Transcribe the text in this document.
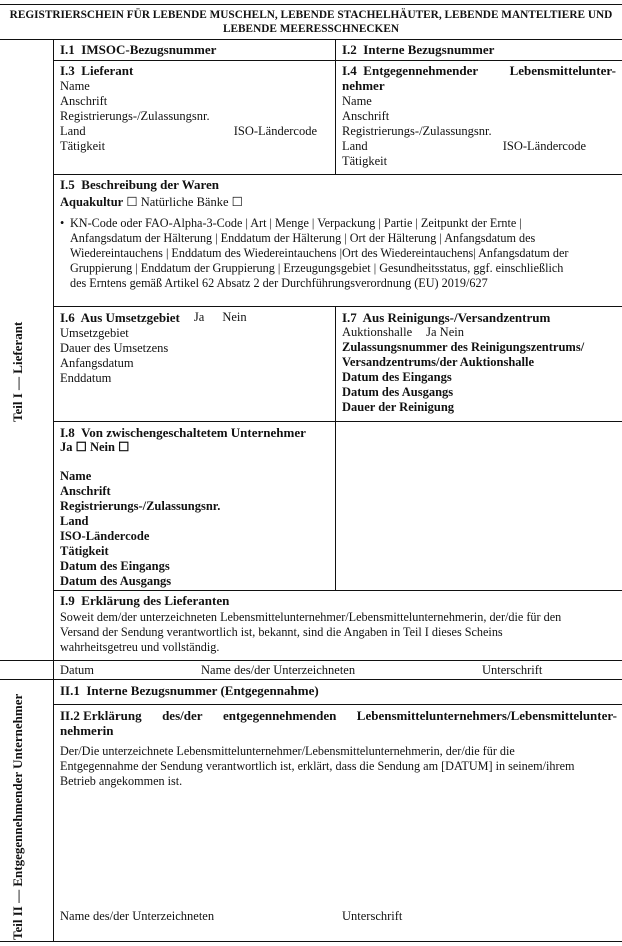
REGISTRIERSCHEIN FÜR LEBENDE MUSCHELN, LEBENDE STACHELHÄUTER, LEBENDE MANTELTIERE UND
LEBENDE MEERESSCHNECKEN
Teil I — Lieferant
Teil II — Entgegennehmender Unternehmer
I.1  IMSOC-Bezugsnummer	I.2  Interne Bezugsnummer
I.3  Lieferant
Name
Anschrift
Registrierungs-/Zulassungsnr.
Land	ISO-Ländercode
Tätigkeit
I.4  Entgegennehmender Lebensmittelunter-
nehmer
Name
Anschrift
Registrierungs-/Zulassungsnr.
Land	ISO-Ländercode
Tätigkeit
I.5  Beschreibung der Waren
Aquakultur ☐ Natürliche Bänke ☐
• KN-Code oder FAO-Alpha-3-Code | Art | Menge | Verpackung | Partie | Zeitpunkt der Ernte |
Anfangsdatum der Hälterung | Enddatum der Hälterung | Ort der Hälterung | Anfangsdatum des
Wiedereintauchens | Enddatum des Wiedereintauchens |Ort des Wiedereintauchens| Anfangsdatum der
Gruppierung | Enddatum der Gruppierung | Erzeugungsgebiet | Gesundheitsstatus, ggf. einschließlich
des Erntens gemäß Artikel 62 Absatz 2 der Durchführungsverordnung (EU) 2019/627
I.6  Aus Umsetzgebiet Ja Nein
Umsetzgebiet
Dauer des Umsetzens
Anfangsdatum
Enddatum
I.7  Aus Reinigungs-/Versandzentrum
Auktionshalle Ja Nein
Zulassungsnummer des Reinigungszentrums/
Versandzentrums/der Auktionshalle
Datum des Eingangs
Datum des Ausgangs
Dauer der Reinigung
I.8  Von zwischengeschaltetem Unternehmer
Ja ☐ Nein ☐
Name
Anschrift
Registrierungs-/Zulassungsnr.
Land
ISO-Ländercode
Tätigkeit
Datum des Eingangs
Datum des Ausgangs
I.9  Erklärung des Lieferanten
Soweit dem/der unterzeichneten Lebensmittelunternehmer/Lebensmittelunternehmerin, der/die für den
Versand der Sendung verantwortlich ist, bekannt, sind die Angaben in Teil I dieses Scheins
wahrheitsgetreu und vollständig.
Datum	Name des/der Unterzeichneten	Unterschrift
II.1  Interne Bezugsnummer (Entgegennahme)
II.2 Erklärung des/der entgegennehmenden Lebensmittelunternehmers/Lebensmittelunter-
nehmerin
Der/Die unterzeichnete Lebensmittelunternehmer/Lebensmittelunternehmerin, der/die für die
Entgegennahme der Sendung verantwortlich ist, erklärt, dass die Sendung am [DATUM] in seinem/ihrem
Betrieb angekommen ist.
Name des/der Unterzeichneten	Unterschrift
